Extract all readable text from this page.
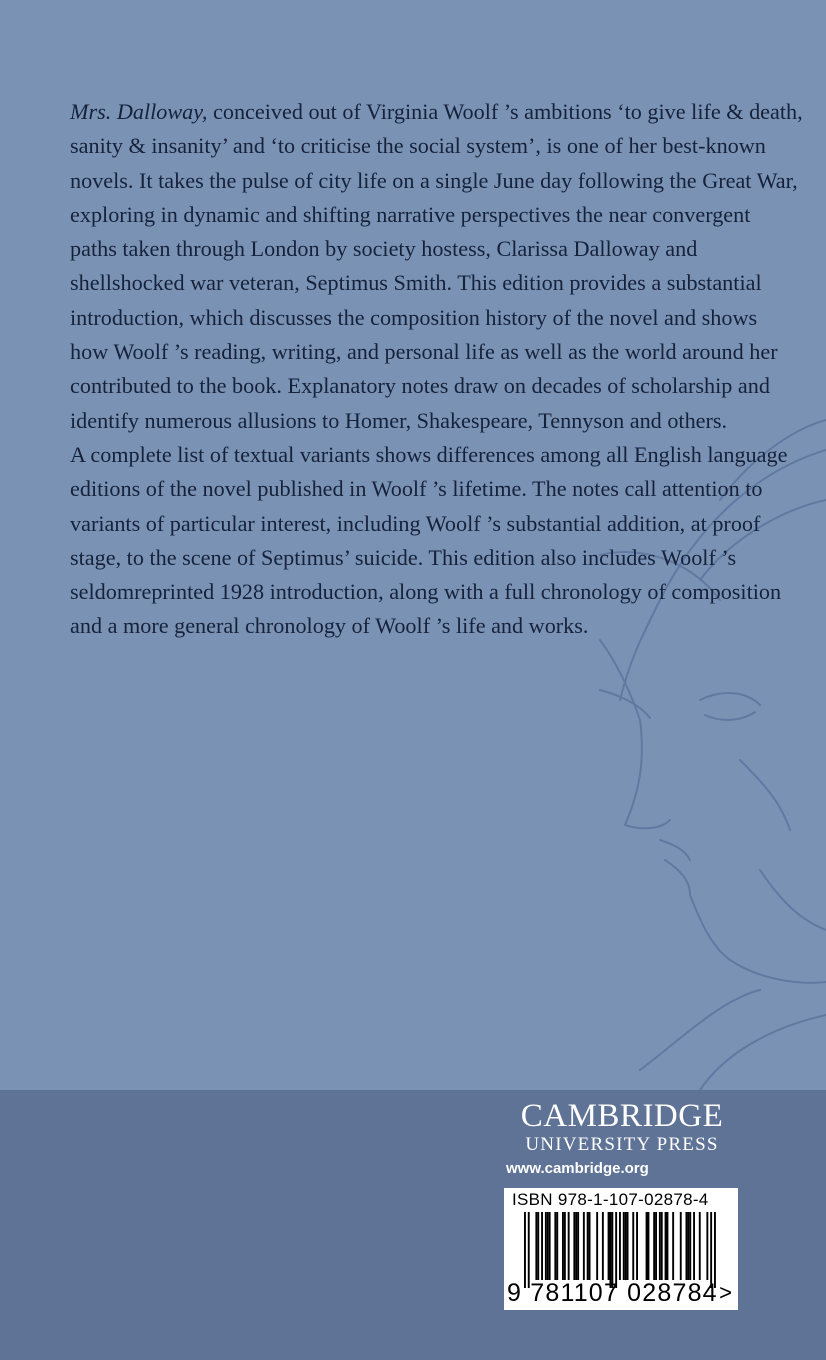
Mrs. Dalloway, conceived out of Virginia Woolf ’s ambitions ‘to give life & death,
sanity & insanity’ and ‘to criticise the social system’, is one of her best-known
novels. It takes the pulse of city life on a single June day following the Great War,
exploring in dynamic and shifting narrative perspectives the near convergent
paths taken through London by society hostess, Clarissa Dalloway and
shellshocked war veteran, Septimus Smith. This edition provides a substantial
introduction, which discusses the composition history of the novel and shows
how Woolf ’s reading, writing, and personal life as well as the world around her
contributed to the book. Explanatory notes draw on decades of scholarship and
identify numerous allusions to Homer, Shakespeare, Tennyson and others.
A complete list of textual variants shows differences among all English language
editions of the novel published in Woolf ’s lifetime. The notes call attention to
variants of particular interest, including Woolf ’s substantial addition, at proof
stage, to the scene of Septimus’ suicide. This edition also includes Woolf ’s
seldomreprinted 1928 introduction, along with a full chronology of composition
and a more general chronology of Woolf ’s life and works.
CAMBRIDGE
UNIVERSITY PRESS
www.cambridge.org
ISBN 978-1-107-02878-4
9 781107 028784 >
